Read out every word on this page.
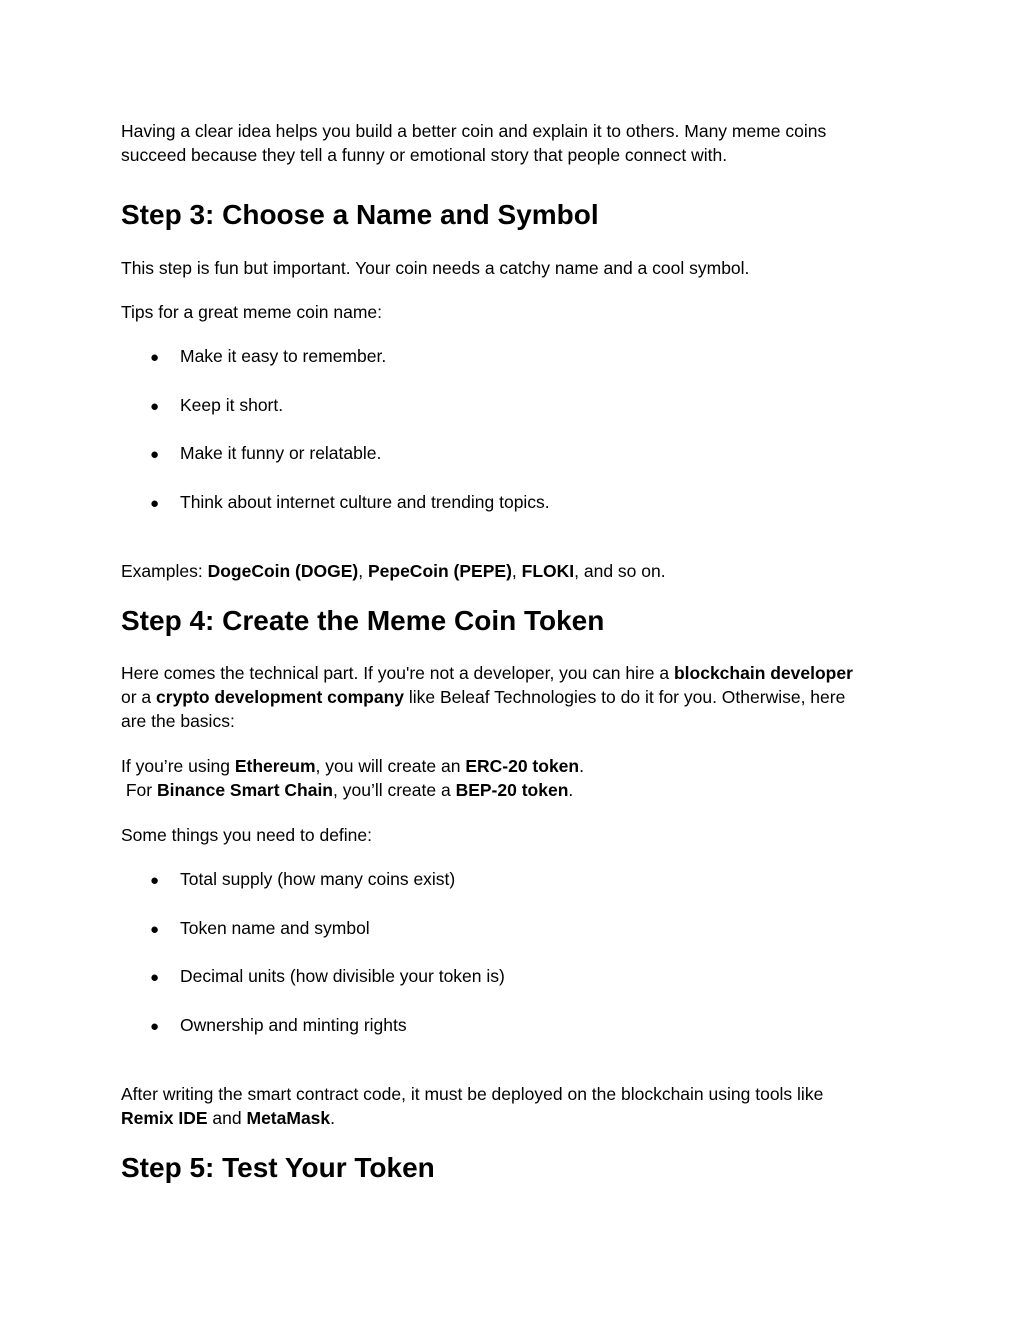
Having a clear idea helps you build a better coin and explain it to others. Many meme coins
succeed because they tell a funny or emotional story that people connect with.

Step 3: Choose a Name and Symbol

This step is fun but important. Your coin needs a catchy name and a cool symbol.

Tips for a great meme coin name:

● Make it easy to remember.

● Keep it short.

● Make it funny or relatable.

● Think about internet culture and trending topics.

Examples: DogeCoin (DOGE), PepeCoin (PEPE), FLOKI, and so on.

Step 4: Create the Meme Coin Token

Here comes the technical part. If you're not a developer, you can hire a blockchain developer
or a crypto development company like Beleaf Technologies to do it for you. Otherwise, here
are the basics:

If you’re using Ethereum, you will create an ERC-20 token.
For Binance Smart Chain, you’ll create a BEP-20 token.

Some things you need to define:

● Total supply (how many coins exist)

● Token name and symbol

● Decimal units (how divisible your token is)

● Ownership and minting rights

After writing the smart contract code, it must be deployed on the blockchain using tools like
Remix IDE and MetaMask.

Step 5: Test Your Token
